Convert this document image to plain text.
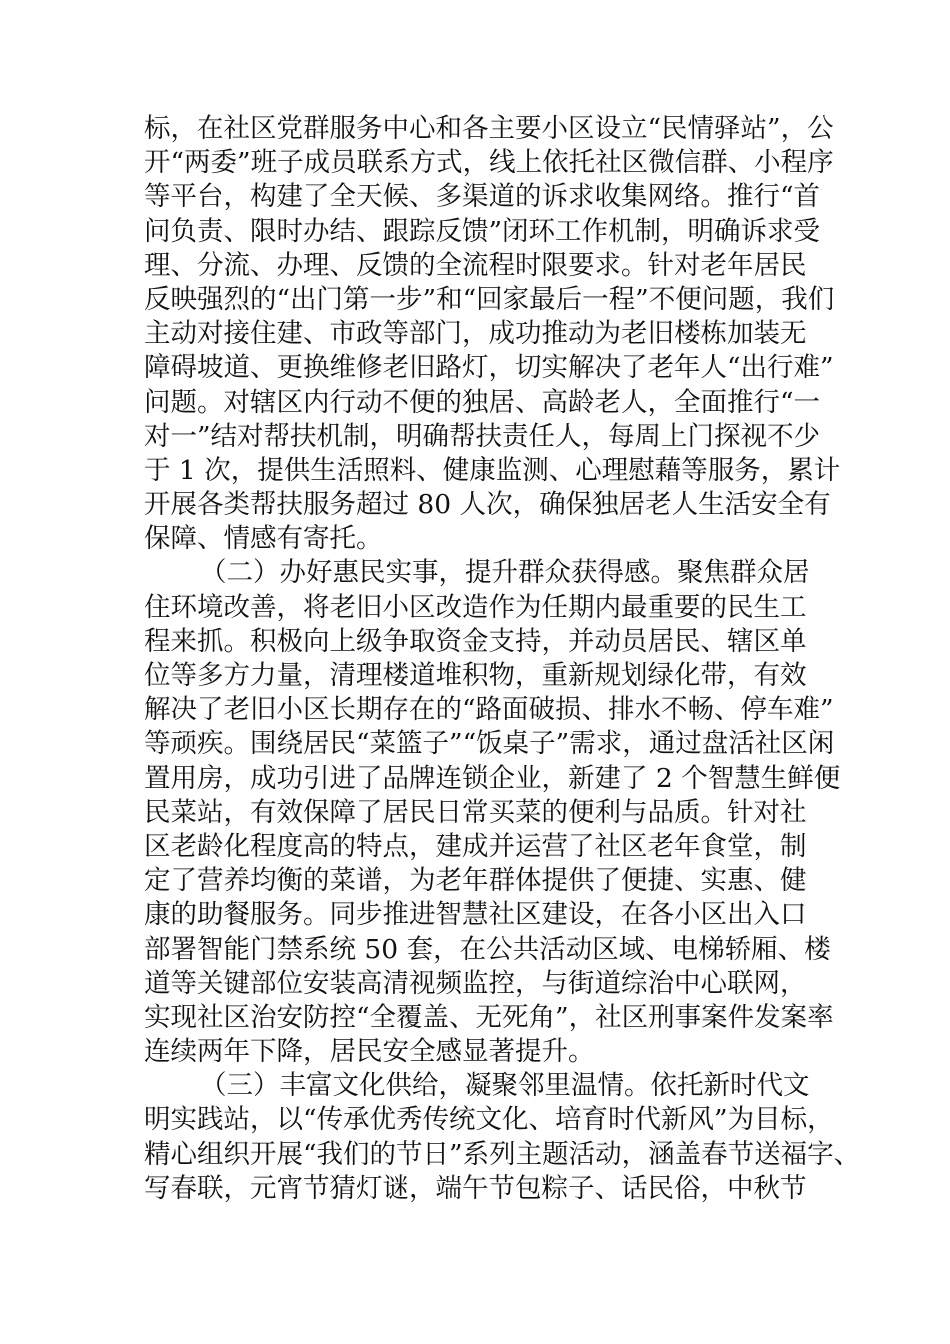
标，在社区党群服务中心和各主要小区设立“民情驿站”，公
开“两委”班子成员联系方式，线上依托社区微信群、小程序
等平台，构建了全天候、多渠道的诉求收集网络。推行“首
问负责、限时办结、跟踪反馈”闭环工作机制，明确诉求受
理、分流、办理、反馈的全流程时限要求。针对老年居民
反映强烈的“出门第一步”和“回家最后一程”不便问题，我们
主动对接住建、市政等部门，成功推动为老旧楼栋加装无
障碍坡道、更换维修老旧路灯，切实解决了老年人“出行难”
问题。对辖区内行动不便的独居、高龄老人，全面推行“一
对一”结对帮扶机制，明确帮扶责任人，每周上门探视不少
于 1 次，提供生活照料、健康监测、心理慰藉等服务，累计
开展各类帮扶服务超过 80 人次，确保独居老人生活安全有
保障、情感有寄托。
（二）办好惠民实事，提升群众获得感。聚焦群众居
住环境改善，将老旧小区改造作为任期内最重要的民生工
程来抓。积极向上级争取资金支持，并动员居民、辖区单
位等多方力量，清理楼道堆积物，重新规划绿化带，有效
解决了老旧小区长期存在的“路面破损、排水不畅、停车难”
等顽疾。围绕居民“菜篮子”“饭桌子”需求，通过盘活社区闲
置用房，成功引进了品牌连锁企业，新建了 2 个智慧生鲜便
民菜站，有效保障了居民日常买菜的便利与品质。针对社
区老龄化程度高的特点，建成并运营了社区老年食堂，制
定了营养均衡的菜谱，为老年群体提供了便捷、实惠、健
康的助餐服务。同步推进智慧社区建设，在各小区出入口
部署智能门禁系统 50 套，在公共活动区域、电梯轿厢、楼
道等关键部位安装高清视频监控，与街道综治中心联网，
实现社区治安防控“全覆盖、无死角”，社区刑事案件发案率
连续两年下降，居民安全感显著提升。
（三）丰富文化供给，凝聚邻里温情。依托新时代文
明实践站，以“传承优秀传统文化、培育时代新风”为目标，
精心组织开展“我们的节日”系列主题活动，涵盖春节送福字、
写春联，元宵节猜灯谜，端午节包粽子、话民俗，中秋节
